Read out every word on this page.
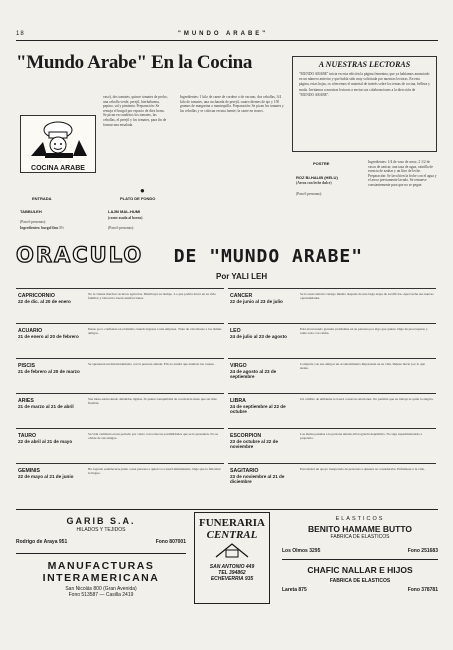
18	"MUNDO ARABE"
"Mundo Arabe" En la Cocina	A NUESTRAS LECTORAS
"MUNDO ARABE" inicia en esta edición la página femenina, que ya habíamos anunciado en un número anterior y que había sido muy solicitada por nuestras lectoras. En esta página, estas hojas, os ofrecemos el material de interés sobre los temas de cocina, belleza y moda. Invitamos a nuestras lectoras a enviar sus colaboraciones a la dirección de "MUNDO ARABE".
COCINA ARABE
vaso), dos tomates, quince tomates de pecho, una cebolla verde, perejil, hierbabuena, pepino, sal y pimienta. Preparación: Se remoja el burgol por espacio de diez horas. Se pican en cuadritos los tomates, las cebollas, el perejil y los tomates, para fin de formar una ensalada.
Ingredientes: 1 kilo de carne de cordero o de vacuno, dos cebollas, 3/4 kilo de tomates, una cucharada de perejil, cuatro dientes de ajo y 150 gramos de margarina o mantequilla. Preparación: Se pican los tomates y las cebollas y se colocan en una fuente; la carne en trozos.
Ingredientes: 1/4 de vaso de arroz, 2 1/2 de vasos de azúcar, una taza de agua, vainilla de esencia de azahar y un litro de leche. Preparación: Se lava bien la leche con el agua y el arroz previamente lavado. Se remueve constantemente para que no se pegue.
ENTRADA
TABBULEH
(Para 6 personas):
Ingredientes: burgol fino 1½
PLATO DE FONDO
LAJM MAL-HUMI
(carne asada al horno)
(Para 6 personas):
POSTRE
ROZ BI-HALIB (HELU)
(Arroz con leche dulce)
(Para 6 personas):
●
ORACULO DE "MUNDO ARABE"
Por YALI LEH
CAPRICORNIO
22 de dic. al 20 de enero
No le vienen muchos recursos agrícolas. Distribuya su tiempo. Lo que podría hacer en su vida familiar y laboral le traerá satisfacciones.
ACUARIO
21 de enero al 20 de febrero
Darse poco confianza en el mismo cuando ingresa a una empresa. Trate de valorizarse a los demás amigos.
PISCIS
21 de febrero al 20 de marzo
Se apresuran un distanciamiento con la persona amada. Ello le tendrá que analizar las causas.
ARIES
21 de marzo al 21 de abril
Sus ideas están siendo debatidas rígidas. Sí quiere tranquilidad de conciencia tiene que ser más flexible.
TAURO
22 de abril al 21 de mayo
Su vida cambiará en un periodo por cierto con todas las posibilidades que se le presenten. No se olvide de sus amigos.
GEMINIS
22 de mayo al 21 de junio
Ha logrado establecerse junto a una persona a quien va a usted íntimamente. Deje que la felicidad le llegue.
CANCER
22 de junio al 23 de julio
Se le reencontrará consigo mismo después de una larga etapa de sacrificios. Aproveche sus nuevas oportunidades.
LEO
24 de julio al 23 de agosto
Está atravesando grandes problemas en su persona por algo que quiere. Deje de preocuparse y tome todo con calma.
VIRGO
24 de agosto al 23 de septiembre
Comparta con sus amigos un acontecimiento importante en su vida. Déjese llevar por lo que siente.
LIBRA
24 de septiembre al 22 de octubre
Un cambio de ambiente le traerá a nuevas relaciones. No permita que su trabajo le quite la alegría.
ESCORPION
23 de octubre al 22 de noviembre
Las malas pasadas a la persona amada ella lograrán deprimirlo. No siga experimentando a propósito.
SAGITARIO
23 de noviembre al 21 de diciembre
Encontrará un apoyo inesperado de personas a quienes no consideraba. Enfréntese a la vida.
GARIB S.A.
HILADOS Y TEJIDOS
Rodrigo de Araya 951	Fono 807001
MANUFACTURAS
INTERAMERICANA
San Nicolás 800 (Gran Avenida)
Fono 513587 — Casilla 2419
FUNERARIA
CENTRAL
SAN ANTONIO 449
TEL 394862
ECHEVERRIA 935
ELASTICOS
BENITO HAMAME BUTTO
FABRICA DE ELASTICOS
Los Olmos 3295	Fono 251683
CHAFIC NALLAR E HIJOS
FABRICA DE ELASTICOS
Lareta 875	Fono 378781
